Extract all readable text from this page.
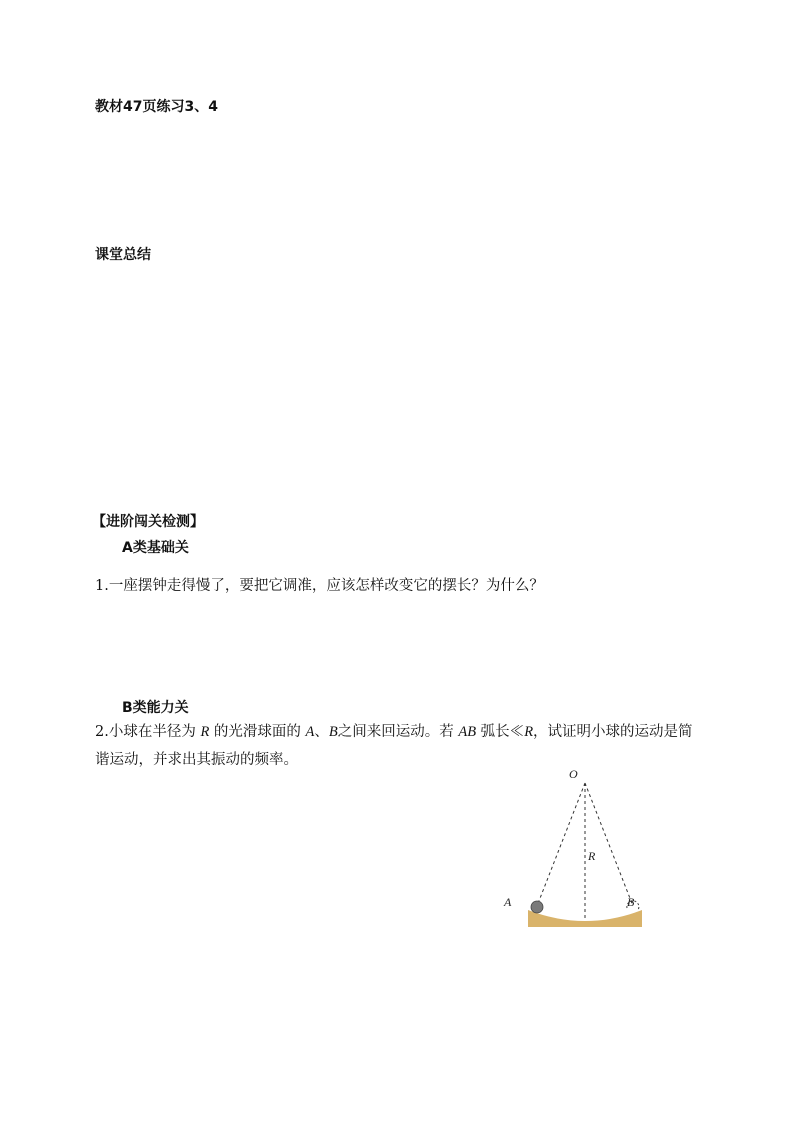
教材47页练习3、4
课堂总结
【进阶闯关检测】
A类基础关
1.一座摆钟走得慢了，要把它调准，应该怎样改变它的摆长？为什么？
B类能力关
2.小球在半径为 R 的光滑球面的 A、B之间来回运动。若 AB 弧长≪R，试证明小球的运动是简
谐运动，并求出其振动的频率。
O
R
A	B
